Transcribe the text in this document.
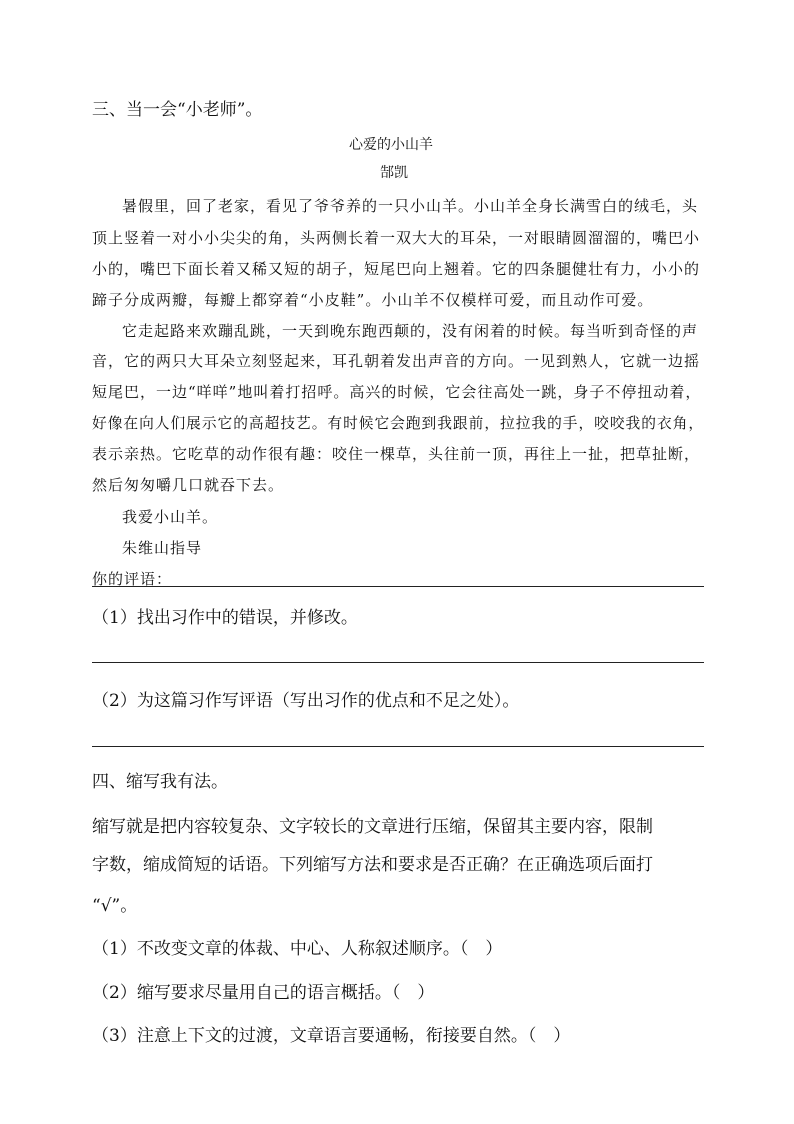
三、当一会“小老师”。
心爱的小山羊
郜凯
暑假里，回了老家，看见了爷爷养的一只小山羊。小山羊全身长满雪白的绒毛，头
顶上竖着一对小小尖尖的角，头两侧长着一双大大的耳朵，一对眼睛圆溜溜的，嘴巴小
小的，嘴巴下面长着又稀又短的胡子，短尾巴向上翘着。它的四条腿健壮有力，小小的
蹄子分成两瓣，每瓣上都穿着“小皮鞋”。小山羊不仅模样可爱，而且动作可爱。
它走起路来欢蹦乱跳，一天到晚东跑西颠的，没有闲着的时候。每当听到奇怪的声
音，它的两只大耳朵立刻竖起来，耳孔朝着发出声音的方向。一见到熟人，它就一边摇
短尾巴，一边“咩咩”地叫着打招呼。高兴的时候，它会往高处一跳，身子不停扭动着，
好像在向人们展示它的高超技艺。有时候它会跑到我跟前，拉拉我的手，咬咬我的衣角，
表示亲热。它吃草的动作很有趣：咬住一棵草，头往前一顶，再往上一扯，把草扯断，
然后匆匆嚼几口就吞下去。
我爱小山羊。
朱维山指导
你的评语：
（1）找出习作中的错误，并修改。
（2）为这篇习作写评语（写出习作的优点和不足之处）。
四、缩写我有法。
缩写就是把内容较复杂、文字较长的文章进行压缩，保留其主要内容，限制
字数，缩成简短的话语。下列缩写方法和要求是否正确？在正确选项后面打
“√”。
（1）不改变文章的体裁、中心、人称叙述顺序。（　）
（2）缩写要求尽量用自己的语言概括。（　）
（3）注意上下文的过渡，文章语言要通畅，衔接要自然。（　）
